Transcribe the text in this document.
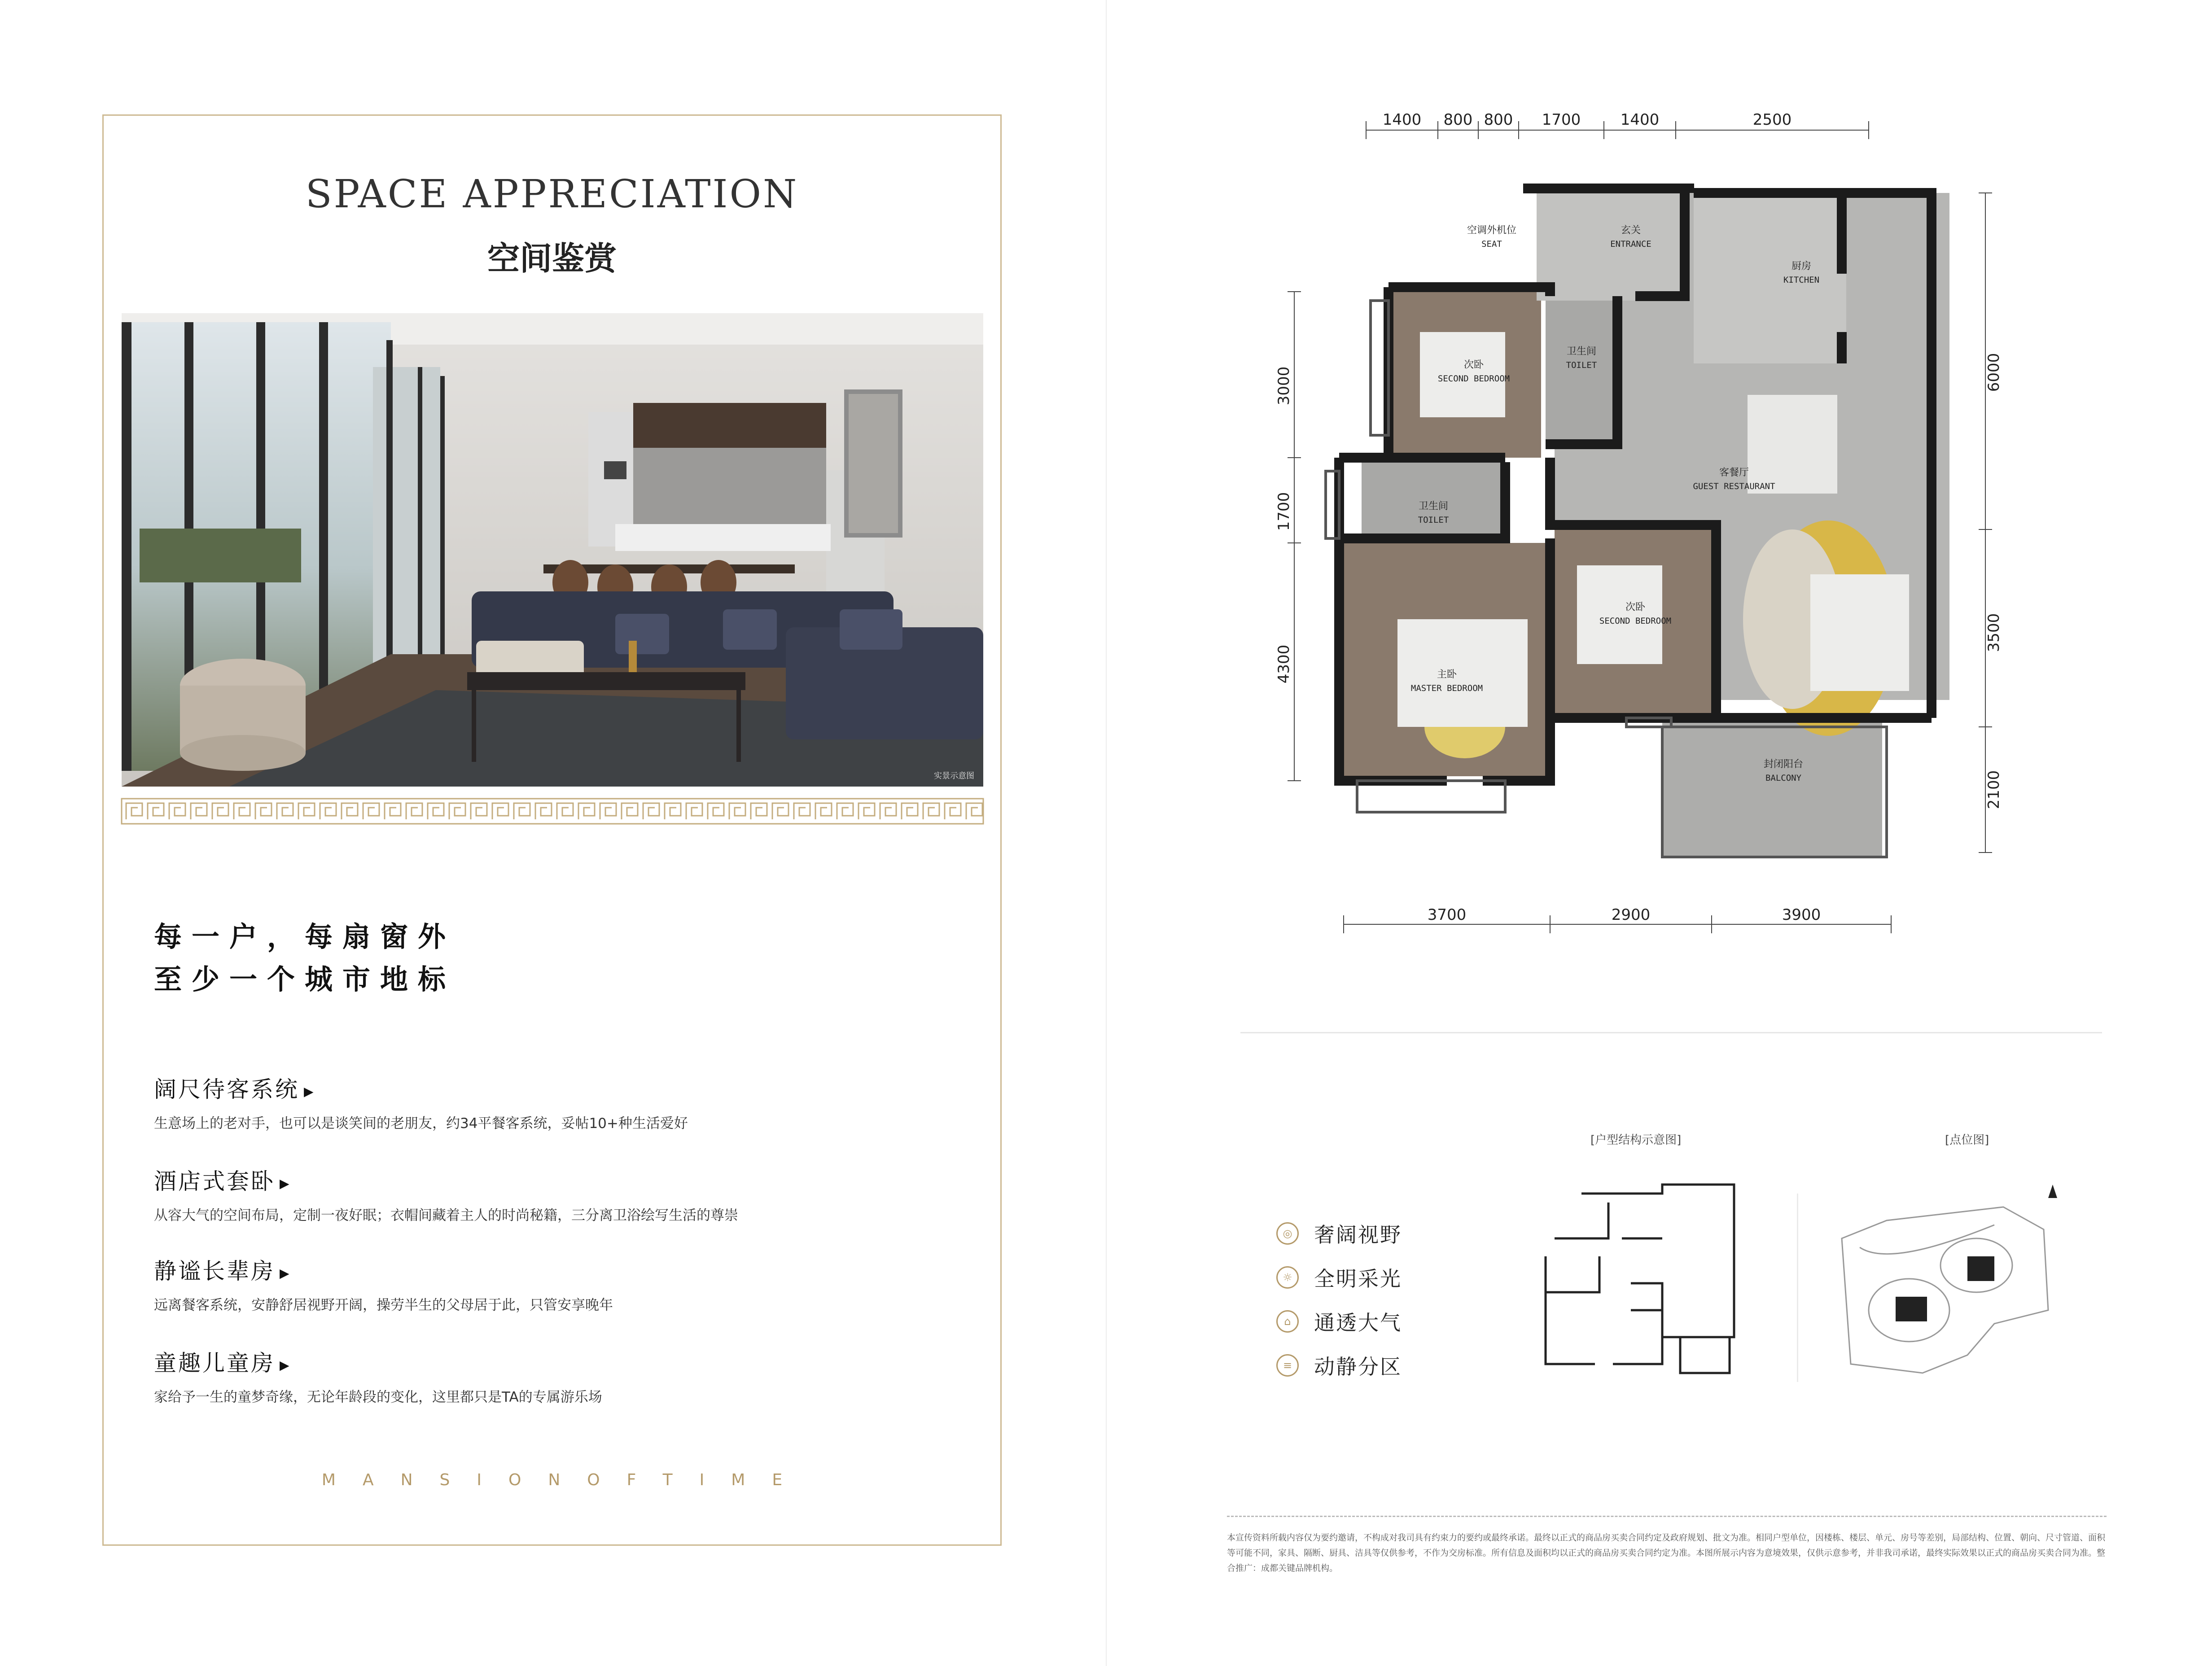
SPACE APPRECIATION
空间鉴赏
实景示意图
每一户，每扇窗外
至少一个城市地标
阔尺待客系统 ▶
生意场上的老对手，也可以是谈笑间的老朋友，约34平餐客系统，妥帖10+种生活爱好
酒店式套卧 ▶
从容大气的空间布局，定制一夜好眠；衣帽间藏着主人的时尚秘籍，三分离卫浴绘写生活的尊崇
静谧长辈房 ▶
远离餐客系统，安静舒居视野开阔，操劳半生的父母居于此，只管安享晚年
童趣儿童房 ▶
家给予一生的童梦奇缘，无论年龄段的变化，这里都只是TA的专属游乐场
MANSIONOFTIME
1400 800 800 1700	1400	2500
3000
1700
4300
6000
3500
2100
3700	2900	3900
空调外机位
SEAT
玄关
ENTRANCE
厨房
KITCHEN
次卧
SECOND BEDROOM
卫生间
TOILET
客餐厅
GUEST RESTAURANT
卫生间
TOILET
次卧
SECOND BEDROOM
主卧
MASTER BEDROOM
封闭阳台
BALCONY
[户型结构示意图]	[点位图]
◎	奢阔视野
☼	全明采光
⌂	通透大气
≡	动静分区
本宣传资料所载内容仅为要约邀请，不构成对我司具有约束力的要约或最终承诺。最终以正式的商品房买卖合同约定及政府规划、批文为准。相同户型单位，因楼栋、楼层、单元、房号等差别，局部结构、位置、朝向、尺寸管道、面积等可能不同，家具、隔断、厨具、洁具等仅供参考，不作为交房标准。所有信息及面积均以正式的商品房买卖合同约定为准。本图所展示内容为意境效果，仅供示意参考，并非我司承诺，最终实际效果以正式的商品房买卖合同为准。整合推广：成都关键品牌机构。
